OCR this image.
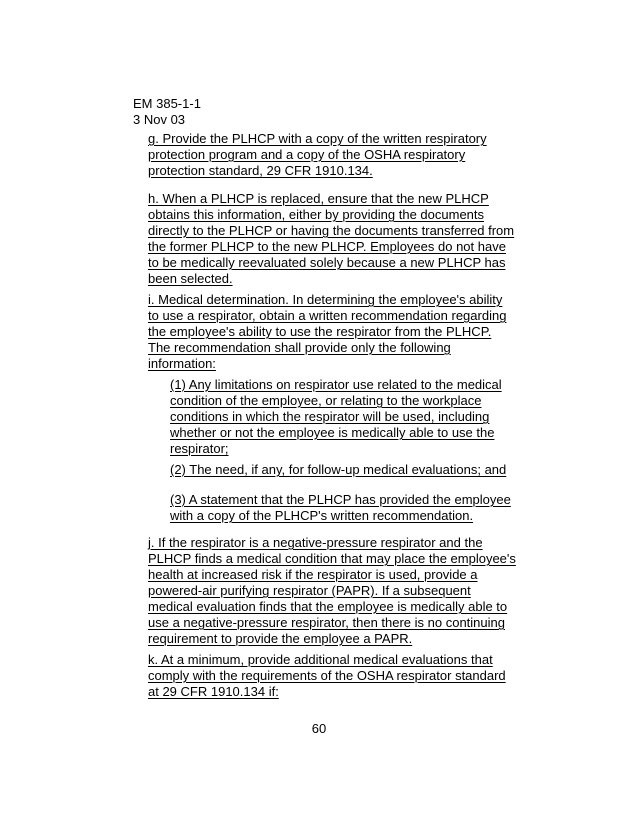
EM 385-1-1
3 Nov 03
g. Provide the PLHCP with a copy of the written respiratory
protection program and a copy of the OSHA respiratory
protection standard, 29 CFR 1910.134.
h. When a PLHCP is replaced, ensure that the new PLHCP
obtains this information, either by providing the documents
directly to the PLHCP or having the documents transferred from
the former PLHCP to the new PLHCP. Employees do not have
to be medically reevaluated solely because a new PLHCP has
been selected.
i. Medical determination. In determining the employee's ability
to use a respirator, obtain a written recommendation regarding
the employee's ability to use the respirator from the PLHCP.
The recommendation shall provide only the following
information:
(1) Any limitations on respirator use related to the medical
condition of the employee, or relating to the workplace
conditions in which the respirator will be used, including
whether or not the employee is medically able to use the
respirator;
(2) The need, if any, for follow-up medical evaluations; and
(3) A statement that the PLHCP has provided the employee
with a copy of the PLHCP's written recommendation.
j. If the respirator is a negative-pressure respirator and the
PLHCP finds a medical condition that may place the employee's
health at increased risk if the respirator is used, provide a
powered-air purifying respirator (PAPR). If a subsequent
medical evaluation finds that the employee is medically able to
use a negative-pressure respirator, then there is no continuing
requirement to provide the employee a PAPR.
k. At a minimum, provide additional medical evaluations that
comply with the requirements of the OSHA respirator standard
at 29 CFR 1910.134 if:
60
